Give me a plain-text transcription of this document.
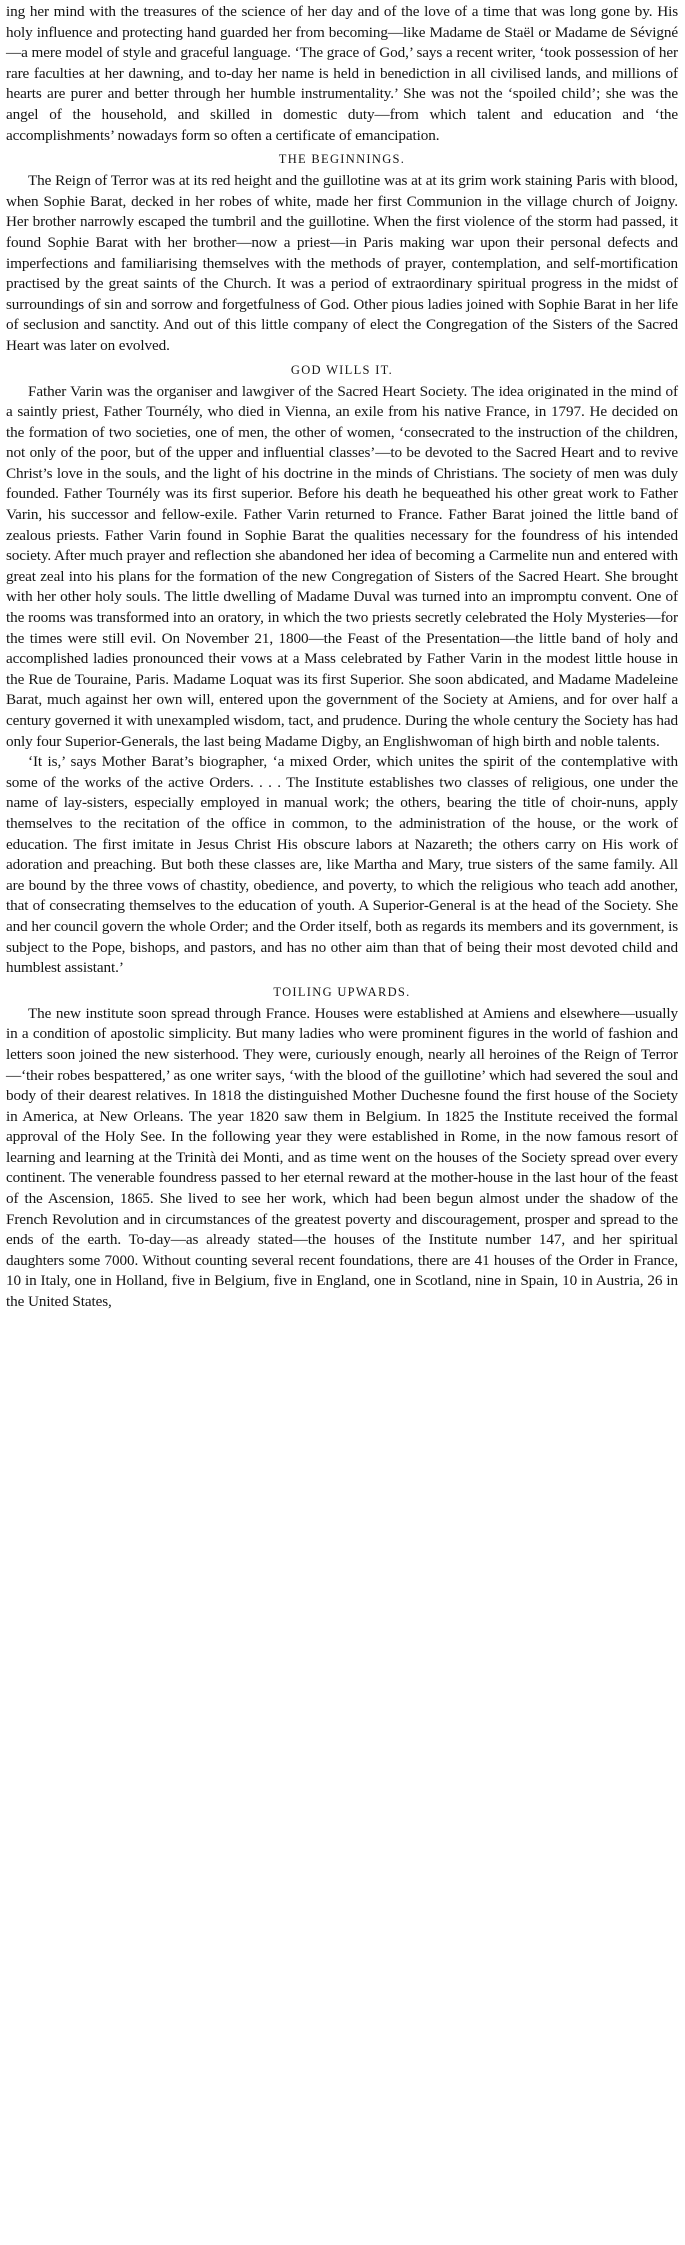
ing her mind with the treasures of the science of her day and of the love of a time that was long gone by. His holy influence and protecting hand guarded her from becoming—like Madame de Staël or Madame de Sévigné—a mere model of style and graceful language. ‘The grace of God,’ says a recent writer, ‘took possession of her rare faculties at her dawning, and to-day her name is held in benediction in all civilised lands, and millions of hearts are purer and better through her humble instrumentality.’ She was not the ‘spoiled child’; she was the angel of the household, and skilled in domestic duty—from which talent and education and ‘the accomplishments’ nowadays form so often a certificate of emancipation.

THE BEGINNINGS.

The Reign of Terror was at its red height and the guillotine was at at its grim work staining Paris with blood, when Sophie Barat, decked in her robes of white, made her first Communion in the village church of Joigny. Her brother narrowly escaped the tumbril and the guillotine. When the first violence of the storm had passed, it found Sophie Barat with her brother—now a priest—in Paris making war upon their personal defects and imperfections and familiarising themselves with the methods of prayer, contemplation, and self-mortification practised by the great saints of the Church. It was a period of extraordinary spiritual progress in the midst of surroundings of sin and sorrow and forgetfulness of God. Other pious ladies joined with Sophie Barat in her life of seclusion and sanctity. And out of this little company of elect the Congregation of the Sisters of the Sacred Heart was later on evolved.

GOD WILLS IT.

Father Varin was the organiser and lawgiver of the Sacred Heart Society. The idea originated in the mind of a saintly priest, Father Tournély, who died in Vienna, an exile from his native France, in 1797. He decided on the formation of two societies, one of men, the other of women, ‘consecrated to the instruction of the children, not only of the poor, but of the upper and influential classes’—to be devoted to the Sacred Heart and to revive Christ’s love in the souls, and the light of his doctrine in the minds of Christians. The society of men was duly founded. Father Tournély was its first superior. Before his death he bequeathed his other great work to Father Varin, his successor and fellow-exile. Father Varin returned to France. Father Barat joined the little band of zealous priests. Father Varin found in Sophie Barat the qualities necessary for the foundress of his intended society. After much prayer and reflection she abandoned her idea of becoming a Carmelite nun and entered with great zeal into his plans for the formation of the new Congregation of Sisters of the Sacred Heart. She brought with her other holy souls. The little dwelling of Madame Duval was turned into an impromptu convent. One of the rooms was transformed into an oratory, in which the two priests secretly celebrated the Holy Mysteries—for the times were still evil. On November 21, 1800—the Feast of the Presentation—the little band of holy and accomplished ladies pronounced their vows at a Mass celebrated by Father Varin in the modest little house in the Rue de Touraine, Paris. Madame Loquat was its first Superior. She soon abdicated, and Madame Madeleine Barat, much against her own will, entered upon the government of the Society at Amiens, and for over half a century governed it with unexampled wisdom, tact, and prudence. During the whole century the Society has had only four Superior-Generals, the last being Madame Digby, an Englishwoman of high birth and noble talents.

‘It is,’ says Mother Barat’s biographer, ‘a mixed Order, which unites the spirit of the contemplative with some of the works of the active Orders. . . . The Institute establishes two classes of religious, one under the name of lay-sisters, especially employed in manual work; the others, bearing the title of choir-nuns, apply themselves to the recitation of the office in common, to the administration of the house, or the work of education. The first imitate in Jesus Christ His obscure labors at Nazareth; the others carry on His work of adoration and preaching. But both these classes are, like Martha and Mary, true sisters of the same family. All are bound by the three vows of chastity, obedience, and poverty, to which the religious who teach add another, that of consecrating themselves to the education of youth. A Superior-General is at the head of the Society. She and her council govern the whole Order; and the Order itself, both as regards its members and its government, is subject to the Pope, bishops, and pastors, and has no other aim than that of being their most devoted child and humblest assistant.’

TOILING UPWARDS.

The new institute soon spread through France. Houses were established at Amiens and elsewhere—usually in a condition of apostolic simplicity. But many ladies who were prominent figures in the world of fashion and letters soon joined the new sisterhood. They were, curiously enough, nearly all heroines of the Reign of Terror—‘their robes bespattered,’ as one writer says, ‘with the blood of the guillotine’ which had severed the soul and body of their dearest relatives. In 1818 the distinguished Mother Duchesne found the first house of the Society in America, at New Orleans. The year 1820 saw them in Belgium. In 1825 the Institute received the formal approval of the Holy See. In the following year they were established in Rome, in the now famous resort of learning and learning at the Trinità dei Monti, and as time went on the houses of the Society spread over every continent. The venerable foundress passed to her eternal reward at the mother-house in the last hour of the feast of the Ascension, 1865. She lived to see her work, which had been begun almost under the shadow of the French Revolution and in circumstances of the greatest poverty and discouragement, prosper and spread to the ends of the earth. To-day—as already stated—the houses of the Institute number 147, and her spiritual daughters some 7000. Without counting several recent foundations, there are 41 houses of the Order in France, 10 in Italy, one in Holland, five in Belgium, five in England, one in Scotland, nine in Spain, 10 in Austria, 26 in the United States,
